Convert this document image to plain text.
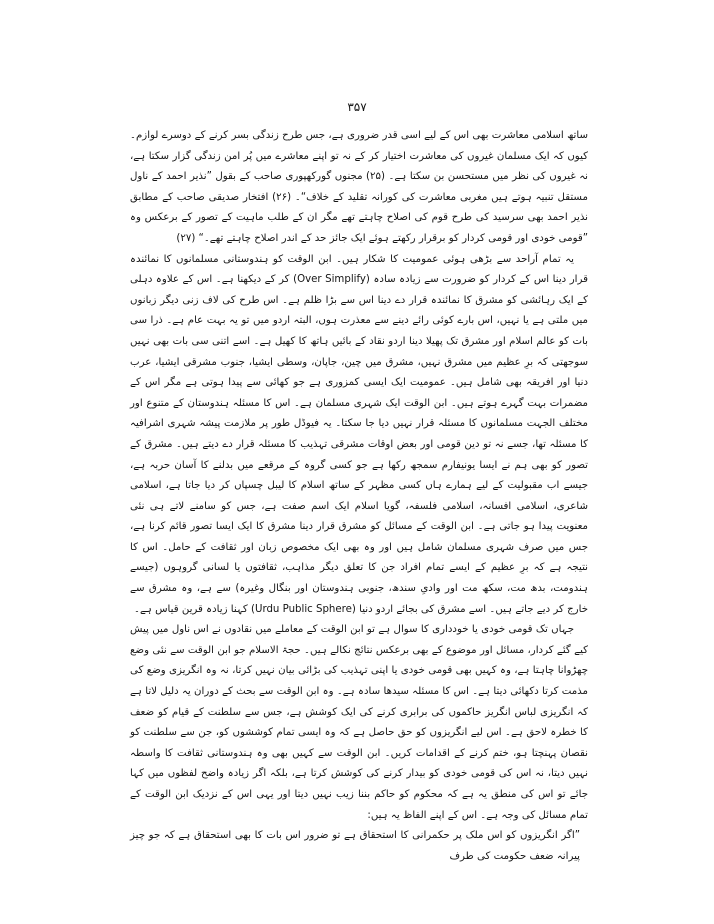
۳۵۷

ساتھ اسلامی معاشرت بھی اس کے لیے اسی قدر ضروری ہے، جس طرح زندگی بسر کرنے کے دوسرے لوازم۔ کیوں کہ ایک مسلمان غیروں کی معاشرت اختیار کر کے نہ تو اپنے معاشرے میں پُر امن زندگی گزار سکتا ہے، نہ غیروں کی نظر میں مستحسن بن سکتا ہے۔ (۲۵) مجنوں گورکھپوری صاحب کے بقول ”نذیر احمد کے ناول مستقل تنبیہ ہوتے ہیں مغربی معاشرت کی کورانہ تقلید کے خلاف“۔ (۲۶) افتخار صدیقی صاحب کے مطابق نذیر احمد بھی سرسید کی طرح قوم کی اصلاح چاہتے تھے مگر ان کے طلب ماہیت کے تصور کے برعکس وہ ”قومی خودی اور قومی کردار کو برقرار رکھتے ہوئے ایک جائز حد کے اندر اصلاح چاہتے تھے۔“ (۲۷)

یہ تمام آراحد سے بڑھی ہوئی عمومیت کا شکار ہیں۔ ابن الوقت کو ہندوستانی مسلمانوں کا نمائندہ قرار دینا اس کے کردار کو ضرورت سے زیادہ سادہ (Over Simplify) کر کے دیکھنا ہے۔ اس کے علاوہ دہلی کے ایک رہائشی کو مشرق کا نمائندہ قرار دے دینا اس سے بڑا ظلم ہے۔ اس طرح کی لاف زنی دیگر زبانوں میں ملتی ہے یا نہیں، اس بارے کوئی رائے دینے سے معذرت ہوں، البتہ اردو میں تو یہ بہت عام ہے۔ ذرا سی بات کو عالم اسلام اور مشرق تک پھیلا دینا اردو نقاد کے بائیں ہاتھ کا کھیل ہے۔ اسے اتنی سی بات بھی نہیں سوجھتی کہ برِ عظیم میں مشرق نہیں، مشرق میں چین، جاپان، وسطی ایشیا، جنوب مشرقی ایشیا، عرب دنیا اور افریقہ بھی شامل ہیں۔ عمومیت ایک ایسی کمزوری ہے جو کھائی سے پیدا ہوتی ہے مگر اس کے مضمرات بہت گہرے ہوتے ہیں۔ ابن الوقت ایک شہری مسلمان ہے۔ اس کا مسئلہ ہندوستان کے متنوع اور مختلف الجہت مسلمانوں کا مسئلہ قرار نہیں دیا جا سکتا۔ یہ فیوڈل طور پر ملازمت پیشہ شہری اشرافیہ کا مسئلہ تھا، جسے نہ تو دین قومی اور بعض اوقات مشرقی تہذیب کا مسئلہ قرار دے دیتے ہیں۔ مشرق کے تصور کو بھی ہم نے ایسا یونیفارم سمجھ رکھا ہے جو کسی گروہ کے مرقعے میں بدلنے کا آسان حربہ ہے، جیسے اب مقبولیت کے لیے ہمارے ہاں کسی مظہر کے ساتھ اسلام کا لیبل چسپاں کر دیا جاتا ہے، اسلامی شاعری، اسلامی افسانہ، اسلامی فلسفہ، گویا اسلام ایک اسم صفت ہے، جس کو سامنے لاتے ہی نئی معنویت پیدا ہو جاتی ہے۔ ابن الوقت کے مسائل کو مشرق قرار دینا مشرق کا ایک ایسا تصور قائم کرنا ہے، جس میں صرف شہری مسلمان شامل ہیں اور وہ بھی ایک مخصوص زبان اور ثقافت کے حامل۔ اس کا نتیجہ ہے کہ برِ عظیم کے ایسے تمام افراد جن کا تعلق دیگر مذاہب، ثقافتوں یا لسانی گروہوں (جیسے ہندومت، بدھ مت، سکھ مت اور وادیِ سندھ، جنوبی ہندوستان اور بنگال وغیرہ) سے ہے، وہ مشرق سے خارج کر دیے جاتے ہیں۔ اسے مشرق کی بجائے اردو دنیا (Urdu Public Sphere) کہنا زیادہ قرین قیاس ہے۔

جہاں تک قومی خودی یا خودداری کا سوال ہے تو ابن الوقت کے معاملے میں نقادوں نے اس ناول میں پیش کیے گئے کردار، مسائل اور موضوع کے بھی برعکس نتائج نکالے ہیں۔ حجۃ الاسلام جو ابن الوقت سے نئی وضع چھڑوانا چاہتا ہے، وہ کہیں بھی قومی خودی یا اپنی تہذیب کی بڑائی بیان نہیں کرتا، نہ وہ انگریزی وضع کی مذمت کرتا دکھائی دیتا ہے۔ اس کا مسئلہ سیدھا سادہ ہے۔ وہ ابن الوقت سے بحث کے دوران یہ دلیل لاتا ہے کہ انگریزی لباس انگریز حاکموں کی برابری کرنے کی ایک کوشش ہے، جس سے سلطنت کے قیام کو ضعف کا خطرہ لاحق ہے۔ اس لیے انگریزوں کو حق حاصل ہے کہ وہ ایسی تمام کوششوں کو، جن سے سلطنت کو نقصان پہنچتا ہو، ختم کرنے کے اقدامات کریں۔ ابن الوقت سے کہیں بھی وہ ہندوستانی ثقافت کا واسطہ نہیں دیتا، نہ اس کی قومی خودی کو بیدار کرنے کی کوشش کرتا ہے، بلکہ اگر زیادہ واضح لفظوں میں کہا جائے تو اس کی منطق یہ ہے کہ محکوم کو حاکم بننا زیب نہیں دیتا اور یہی اس کے نزدیک ابن الوقت کے تمام مسائل کی وجہ ہے۔ اس کے اپنے الفاظ یہ ہیں:

”اگر انگریزوں کو اس ملک پر حکمرانی کا استحقاق ہے تو ضرور اس بات کا بھی استحقاق ہے کہ جو چیز پیرانہ ضعف حکومت کی طرف
